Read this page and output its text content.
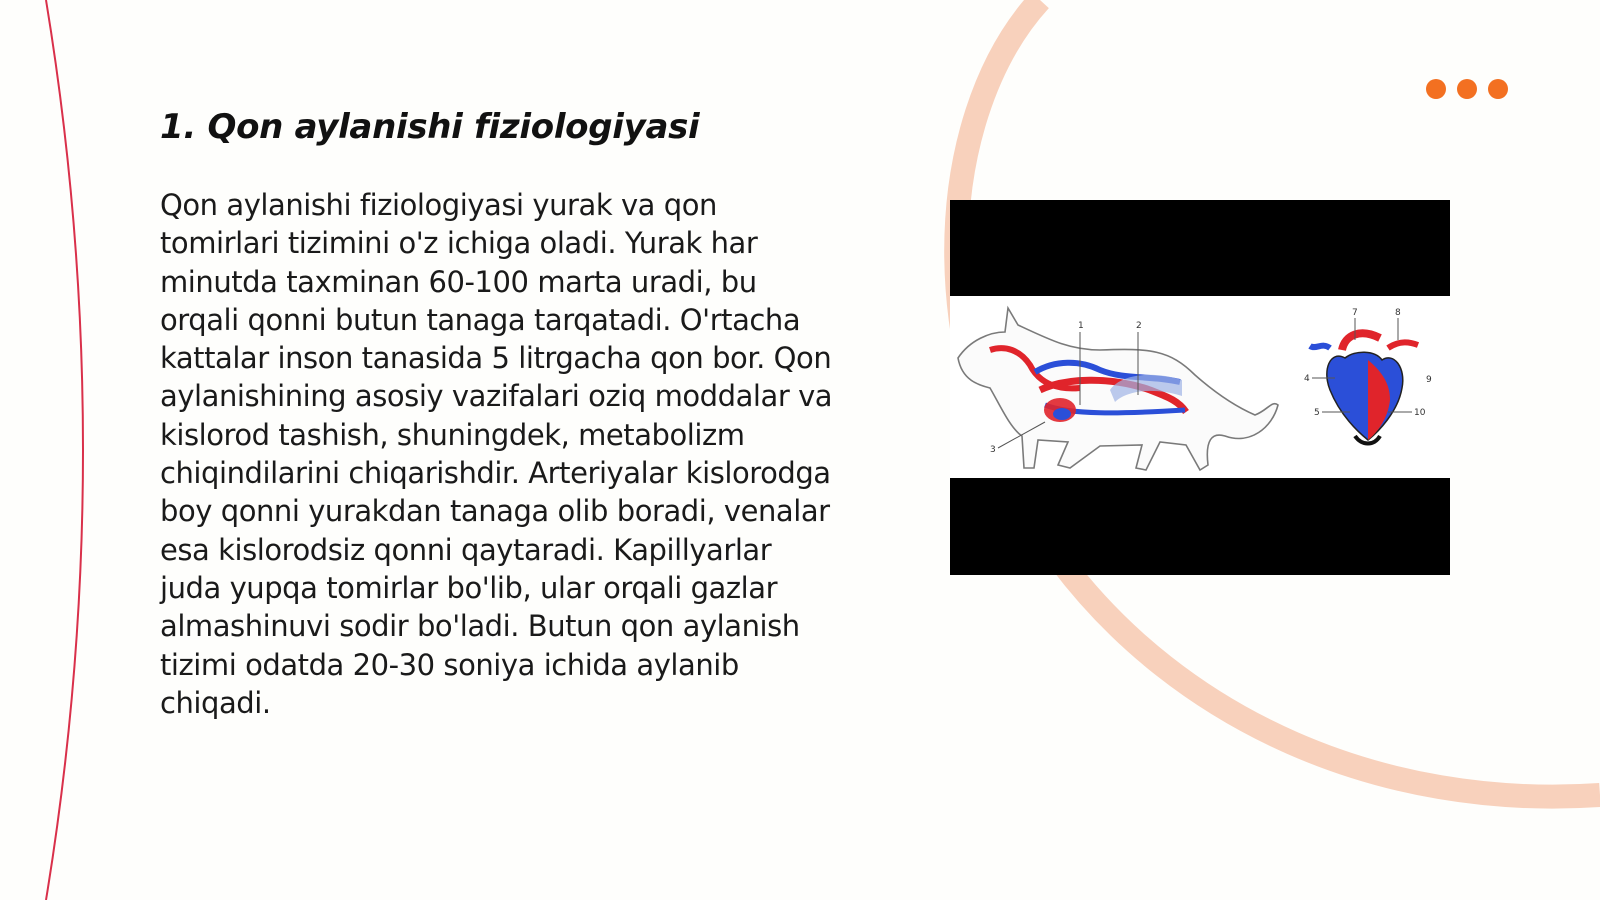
1. Qon aylanishi fiziologiyasi

Qon aylanishi fiziologiyasi yurak va qon tomirlari tizimini o'z ichiga oladi. Yurak har minutda taxminan 60-100 marta uradi, bu orqali qonni butun tanaga tarqatadi. O'rtacha kattalar inson tanasida 5 litrgacha qon bor. Qon aylanishining asosiy vazifalari oziq moddalar va kislorod tashish, shuningdek, metabolizm chiqindilarini chiqarishdir. Arteriyalar kislorodga boy qonni yurakdan tanaga olib boradi, venalar esa kislorodsiz qonni qaytaradi. Kapillyarlar juda yupqa tomirlar bo'lib, ular orqali gazlar almashinuvi sodir bo'ladi. Butun qon aylanish tizimi odatda 20-30 soniya ichida aylanib chiqadi.

1	2
3
7	8
4
5
9
10
